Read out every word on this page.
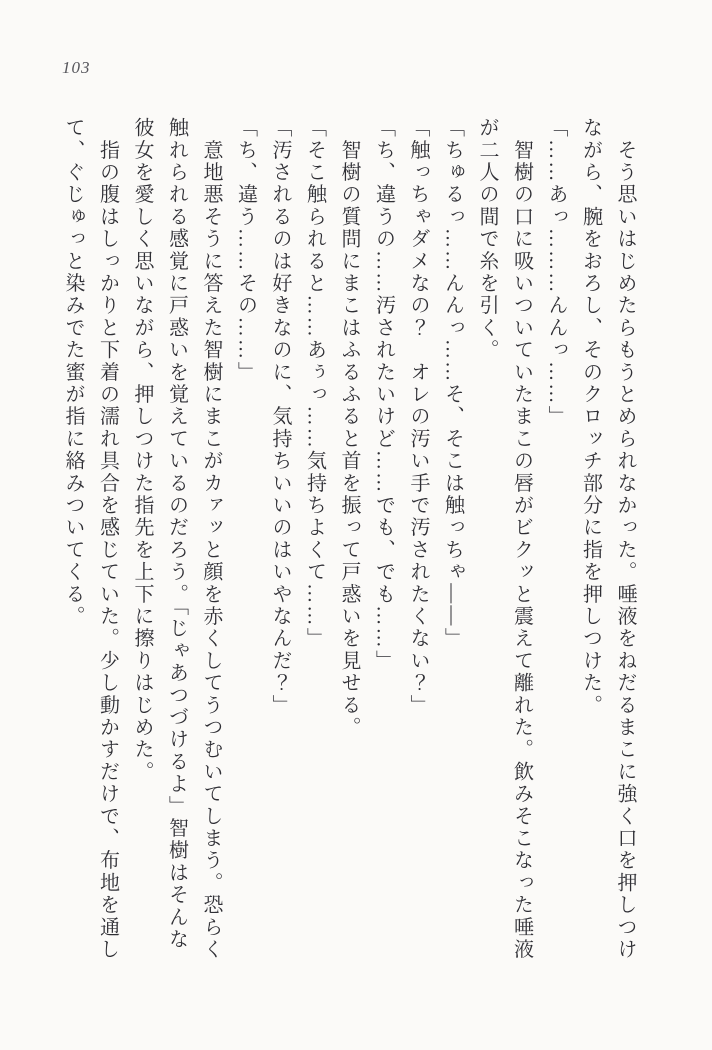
103

　そう思いはじめたらもうとめられなかった。唾液をねだるまこに強く口を押しつけ

ながら、腕をおろし、そのクロッチ部分に指を押しつけた。

「……あっ………んんっ……」

　智樹の口に吸いついていたまこの唇がビクッと震えて離れた。飲みそこなった唾液

が二人の間で糸を引く。

「ちゅるっ……んんっ……そ、そこは触っちゃ——」

「触っちゃダメなの？　オレの汚い手で汚されたくない？」

「ち、違うの……汚されたいけど……でも、でも……」

　智樹の質問にまこはふるふると首を振って戸惑いを見せる。

「そこ触られると……あぅっ……気持ちよくて……」

「汚されるのは好きなのに、気持ちいいのはいやなんだ？」

「ち、違う……その……」

　意地悪そうに答えた智樹にまこがカァッと顔を赤くしてうつむいてしまう。恐らく

触れられる感覚に戸惑いを覚えているのだろう。「じゃあつづけるよ」智樹はそんな

彼女を愛しく思いながら、押しつけた指先を上下に擦りはじめた。

　指の腹はしっかりと下着の濡れ具合を感じていた。少し動かすだけで、布地を通し

て、ぐじゅっと染みでた蜜が指に絡みついてくる。
